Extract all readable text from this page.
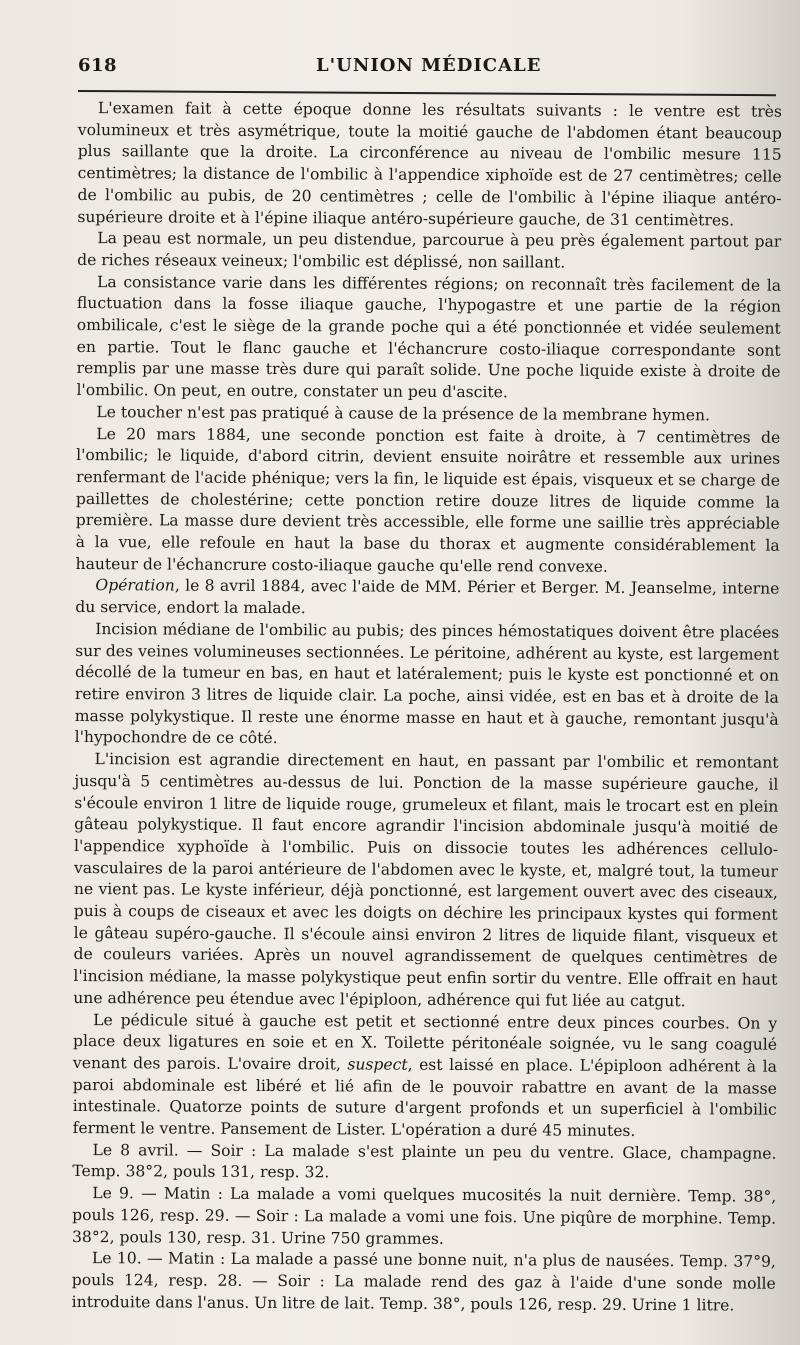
618	L'UNION MÉDICALE

L'examen fait à cette époque donne les résultats suivants : le ventre est très volumineux et très asymétrique, toute la moitié gauche de l'abdomen étant beaucoup plus saillante que la droite. La circonférence au niveau de l'ombilic mesure 115 centimètres; la distance de l'ombilic à l'appendice xiphoïde est de 27 centimètres; celle de l'ombilic au pubis, de 20 centimètres ; celle de l'ombilic à l'épine iliaque antéro-supérieure droite et à l'épine iliaque antéro-supérieure gauche, de 31 centimètres.

La peau est normale, un peu distendue, parcourue à peu près également partout par de riches réseaux veineux; l'ombilic est déplissé, non saillant.

La consistance varie dans les différentes régions; on reconnaît très facilement de la fluctuation dans la fosse iliaque gauche, l'hypogastre et une partie de la région ombilicale, c'est le siège de la grande poche qui a été ponctionnée et vidée seulement en partie. Tout le flanc gauche et l'échancrure costo-iliaque correspondante sont remplis par une masse très dure qui paraît solide. Une poche liquide existe à droite de l'ombilic. On peut, en outre, constater un peu d'ascite.

Le toucher n'est pas pratiqué à cause de la présence de la membrane hymen.

Le 20 mars 1884, une seconde ponction est faite à droite, à 7 centimètres de l'ombilic; le liquide, d'abord citrin, devient ensuite noirâtre et ressemble aux urines renfermant de l'acide phénique; vers la fin, le liquide est épais, visqueux et se charge de paillettes de cholestérine; cette ponction retire douze litres de liquide comme la première. La masse dure devient très accessible, elle forme une saillie très appréciable à la vue, elle refoule en haut la base du thorax et augmente considérablement la hauteur de l'échancrure costo-iliaque gauche qu'elle rend convexe.

Opération, le 8 avril 1884, avec l'aide de MM. Périer et Berger. M. Jeanselme, interne du service, endort la malade.

Incision médiane de l'ombilic au pubis; des pinces hémostatiques doivent être placées sur des veines volumineuses sectionnées. Le péritoine, adhérent au kyste, est largement décollé de la tumeur en bas, en haut et latéralement; puis le kyste est ponctionné et on retire environ 3 litres de liquide clair. La poche, ainsi vidée, est en bas et à droite de la masse polykystique. Il reste une énorme masse en haut et à gauche, remontant jusqu'à l'hypochondre de ce côté.

L'incision est agrandie directement en haut, en passant par l'ombilic et remontant jusqu'à 5 centimètres au-dessus de lui. Ponction de la masse supérieure gauche, il s'écoule environ 1 litre de liquide rouge, grumeleux et filant, mais le trocart est en plein gâteau polykystique. Il faut encore agrandir l'incision abdominale jusqu'à moitié de l'appendice xyphoïde à l'ombilic. Puis on dissocie toutes les adhérences cellulo-vasculaires de la paroi antérieure de l'abdomen avec le kyste, et, malgré tout, la tumeur ne vient pas. Le kyste inférieur, déjà ponctionné, est largement ouvert avec des ciseaux, puis à coups de ciseaux et avec les doigts on déchire les principaux kystes qui forment le gâteau supéro-gauche. Il s'écoule ainsi environ 2 litres de liquide filant, visqueux et de couleurs variées. Après un nouvel agrandissement de quelques centimètres de l'incision médiane, la masse polykystique peut enfin sortir du ventre. Elle offrait en haut une adhérence peu étendue avec l'épiploon, adhérence qui fut liée au catgut.

Le pédicule situé à gauche est petit et sectionné entre deux pinces courbes. On y place deux ligatures en soie et en X. Toilette péritonéale soignée, vu le sang coagulé venant des parois. L'ovaire droit, suspect, est laissé en place. L'épiploon adhérent à la paroi abdominale est libéré et lié afin de le pouvoir rabattre en avant de la masse intestinale. Quatorze points de suture d'argent profonds et un superficiel à l'ombilic ferment le ventre. Pansement de Lister. L'opération a duré 45 minutes.

Le 8 avril. — Soir : La malade s'est plainte un peu du ventre. Glace, champagne. Temp. 38°2, pouls 131, resp. 32.

Le 9. — Matin : La malade a vomi quelques mucosités la nuit dernière. Temp. 38°, pouls 126, resp. 29. — Soir : La malade a vomi une fois. Une piqûre de morphine. Temp. 38°2, pouls 130, resp. 31. Urine 750 grammes.

Le 10. — Matin : La malade a passé une bonne nuit, n'a plus de nausées. Temp. 37°9, pouls 124, resp. 28. — Soir : La malade rend des gaz à l'aide d'une sonde molle introduite dans l'anus. Un litre de lait. Temp. 38°, pouls 126, resp. 29. Urine 1 litre.
